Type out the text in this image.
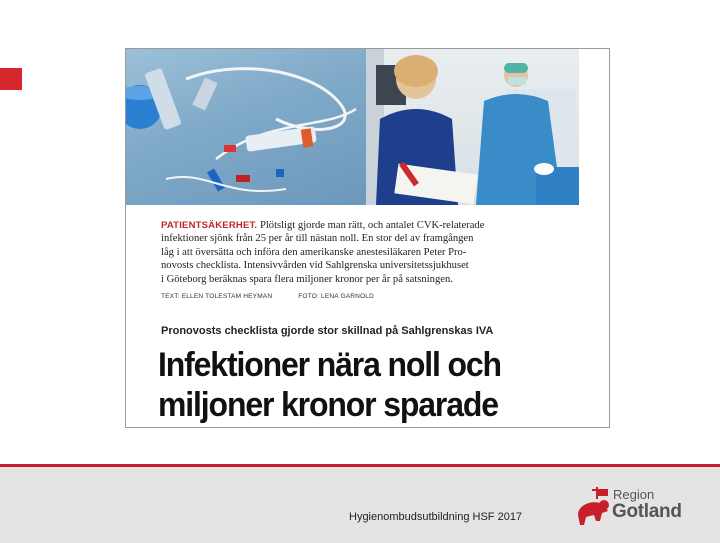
PATIENTSÄKERHET. Plötsligt gjorde man rätt, och antalet CVK-relaterade
infektioner sjönk från 25 per år till nästan noll. En stor del av framgången
låg i att översätta och införa den amerikanske anestesiläkaren Peter Pro-
novosts checklista. Intensivvården vid Sahlgrenska universitetssjukhuset
i Göteborg beräknas spara flera miljoner kronor per år på satsningen.
TEXT: ELLEN TOLESTAM HEYMAN	FOTO: LENA GARNOLD
Pronovosts checklista gjorde stor skillnad på Sahlgrenskas IVA
Infektioner nära noll och
miljoner kronor sparade
Hygienombudsutbildning HSF 2017
Region
Gotland
